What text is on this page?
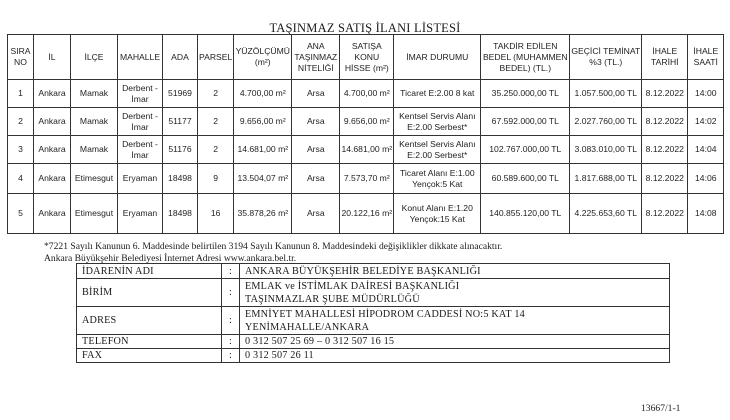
TAŞINMAZ SATIŞ İLANI LİSTESİ
SIRA NO	İL	İLÇE	MAHALLE	ADA	PARSEL	YÜZÖLÇÜMÜ (m²)	ANA TAŞINMAZ NİTELİĞİ	SATIŞA KONU HİSSE (m²)	İMAR DURUMU	TAKDİR EDİLEN BEDEL (MUHAMMEN BEDEL) (TL.)	GEÇİCİ TEMİNAT %3 (TL.)	İHALE TARİHİ	İHALE SAATİ
1	Ankara	Mamak	Derbent - İmar	51969	2	4.700,00 m²	Arsa	4.700,00 m²	Ticaret E:2.00 8 kat	35.250.000,00 TL	1.057.500,00 TL	8.12.2022	14:00
2	Ankara	Mamak	Derbent - İmar	51177	2	9.656,00 m²	Arsa	9.656,00 m²	Kentsel Servis Alanı E:2.00 Serbest*	67.592.000,00 TL	2.027.760,00 TL	8.12.2022	14:02
3	Ankara	Mamak	Derbent - İmar	51176	2	14.681,00 m²	Arsa	14.681,00 m²	Kentsel Servis Alanı E:2.00 Serbest*	102.767.000,00 TL	3.083.010,00 TL	8.12.2022	14:04
4	Ankara	Etimesgut	Eryaman	18498	9	13.504,07 m²	Arsa	7.573,70 m²	Ticaret Alanı E:1.00 Yençok:5 Kat	60.589.600,00 TL	1.817.688,00 TL	8.12.2022	14:06
5	Ankara	Etimesgut	Eryaman	18498	16	35.878,26 m²	Arsa	20.122,16 m²	Konut Alanı E:1.20 Yençok:15 Kat	140.855.120,00 TL	4.225.653,60 TL	8.12.2022	14:08
*7221 Sayılı Kanunun 6. Maddesinde belirtilen 3194 Sayılı Kanunun 8. Maddesindeki değişiklikler dikkate alınacaktır.
Ankara Büyükşehir Belediyesi İnternet Adresi www.ankara.bel.tr.
İDARENİN ADI	:	ANKARA BÜYÜKŞEHİR BELEDİYE BAŞKANLIĞI
BİRİM	:	EMLAK ve İSTİMLAK DAİRESİ BAŞKANLIĞI
TAŞINMAZLAR ŞUBE MÜDÜRLÜĞÜ

ADRES	:	EMNİYET MAHALLESİ HİPODROM CADDESİ NO:5 KAT 14
YENİMAHALLE/ANKARA

TELEFON	:	0 312 507 25 69 – 0 312 507 16 15
FAX	:	0 312 507 26 11
13667/1-1
